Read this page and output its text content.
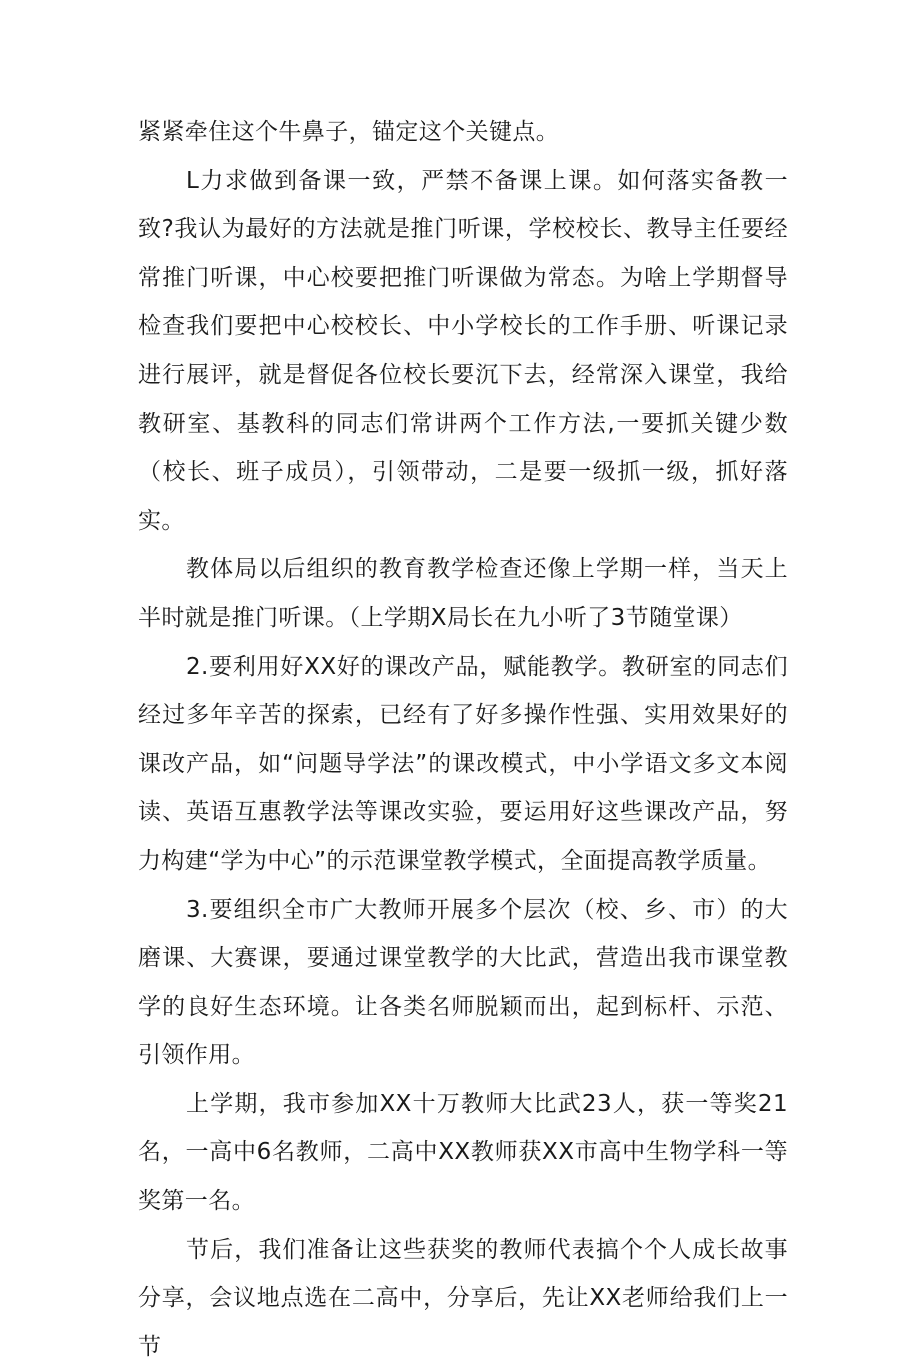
紧紧牵住这个牛鼻子，锚定这个关键点。

L力求做到备课一致，严禁不备课上课。如何落实备教一致?我认为最好的方法就是推门听课，学校校长、教导主任要经常推门听课，中心校要把推门听课做为常态。为啥上学期督导检查我们要把中心校校长、中小学校长的工作手册、听课记录进行展评，就是督促各位校长要沉下去，经常深入课堂，我给教研室、基教科的同志们常讲两个工作方法,一要抓关键少数（校长、班子成员），引领带动，二是要一级抓一级，抓好落实。

教体局以后组织的教育教学检查还像上学期一样，当天上半时就是推门听课。（上学期X局长在九小听了3节随堂课）

2.要利用好XX好的课改产品，赋能教学。教研室的同志们经过多年辛苦的探索，已经有了好多操作性强、实用效果好的课改产品，如“问题导学法”的课改模式，中小学语文多文本阅读、英语互惠教学法等课改实验，要运用好这些课改产品，努力构建“学为中心”的示范课堂教学模式，全面提高教学质量。

3.要组织全市广大教师开展多个层次（校、乡、市）的大磨课、大赛课，要通过课堂教学的大比武，营造出我市课堂教学的良好生态环境。让各类名师脱颖而出，起到标杆、示范、引领作用。

上学期，我市参加XX十万教师大比武23人，获一等奖21名，一高中6名教师，二高中XX教师获XX市高中生物学科一等奖第一名。

节后，我们准备让这些获奖的教师代表搞个个人成长故事分享，会议地点选在二高中，分享后，先让XX老师给我们上一节
